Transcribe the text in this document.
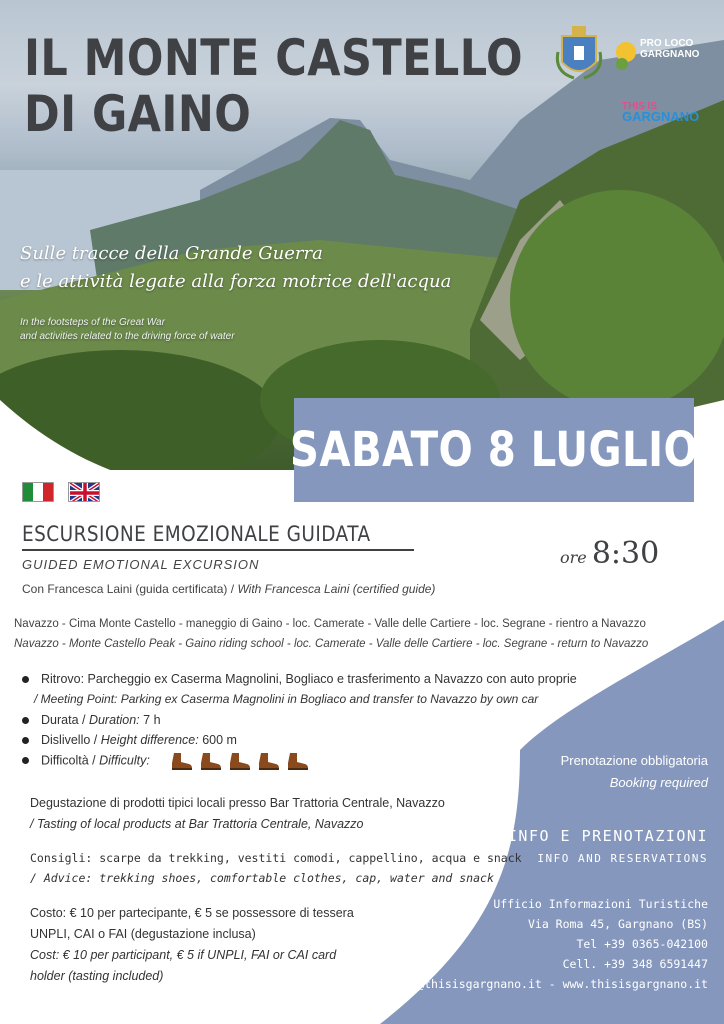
IL MONTE CASTELLO
DI GAINO
PRO LOCO
GARGNANO
THIS IS
GARGNANO
Sulle tracce della Grande Guerra
e le attività legate alla forza motrice dell'acqua
In the footsteps of the Great War
and activities related to the driving force of water
SABATO 8 LUGLIO
ESCURSIONE EMOZIONALE GUIDATA
GUIDED EMOTIONAL EXCURSION
Con Francesca Laini (guida certificata) / With Francesca Laini (certified guide)
ore 8:30
Navazzo - Cima Monte Castello - maneggio di Gaino - loc. Camerate - Valle delle Cartiere - loc. Segrane - rientro a Navazzo
Navazzo - Monte Castello Peak - Gaino riding school - loc. Camerate - Valle delle Cartiere - loc. Segrane - return to Navazzo
Ritrovo: Parcheggio ex Caserma Magnolini, Bogliaco e trasferimento a Navazzo con auto proprie
/ Meeting Point: Parking ex Caserma Magnolini in Bogliaco and transfer to Navazzo by own car
Durata / Duration: 7 h
Dislivello / Height difference: 600 m
Difficoltà / Difficulty:
Degustazione di prodotti tipici locali presso Bar Trattoria Centrale, Navazzo
/ Tasting of local products at Bar Trattoria Centrale, Navazzo
Consigli: scarpe da trekking, vestiti comodi, cappellino, acqua e snack
/ Advice: trekking shoes, comfortable clothes, cap, water and snack
Costo: € 10 per partecipante, € 5 se possessore di tessera
UNPLI, CAI o FAI (degustazione inclusa)
Cost: € 10 per participant, € 5 if UNPLI, FAI or CAI card
holder (tasting included)
Prenotazione obbligatoria
Booking required
INFO E PRENOTAZIONI
INFO AND RESERVATIONS
Ufficio Informazioni Turistiche
Via Roma 45, Gargnano (BS)
Tel +39 0365-042100
Cell. +39 348 6591447
info@thisisgargnano.it - www.thisisgargnano.it
